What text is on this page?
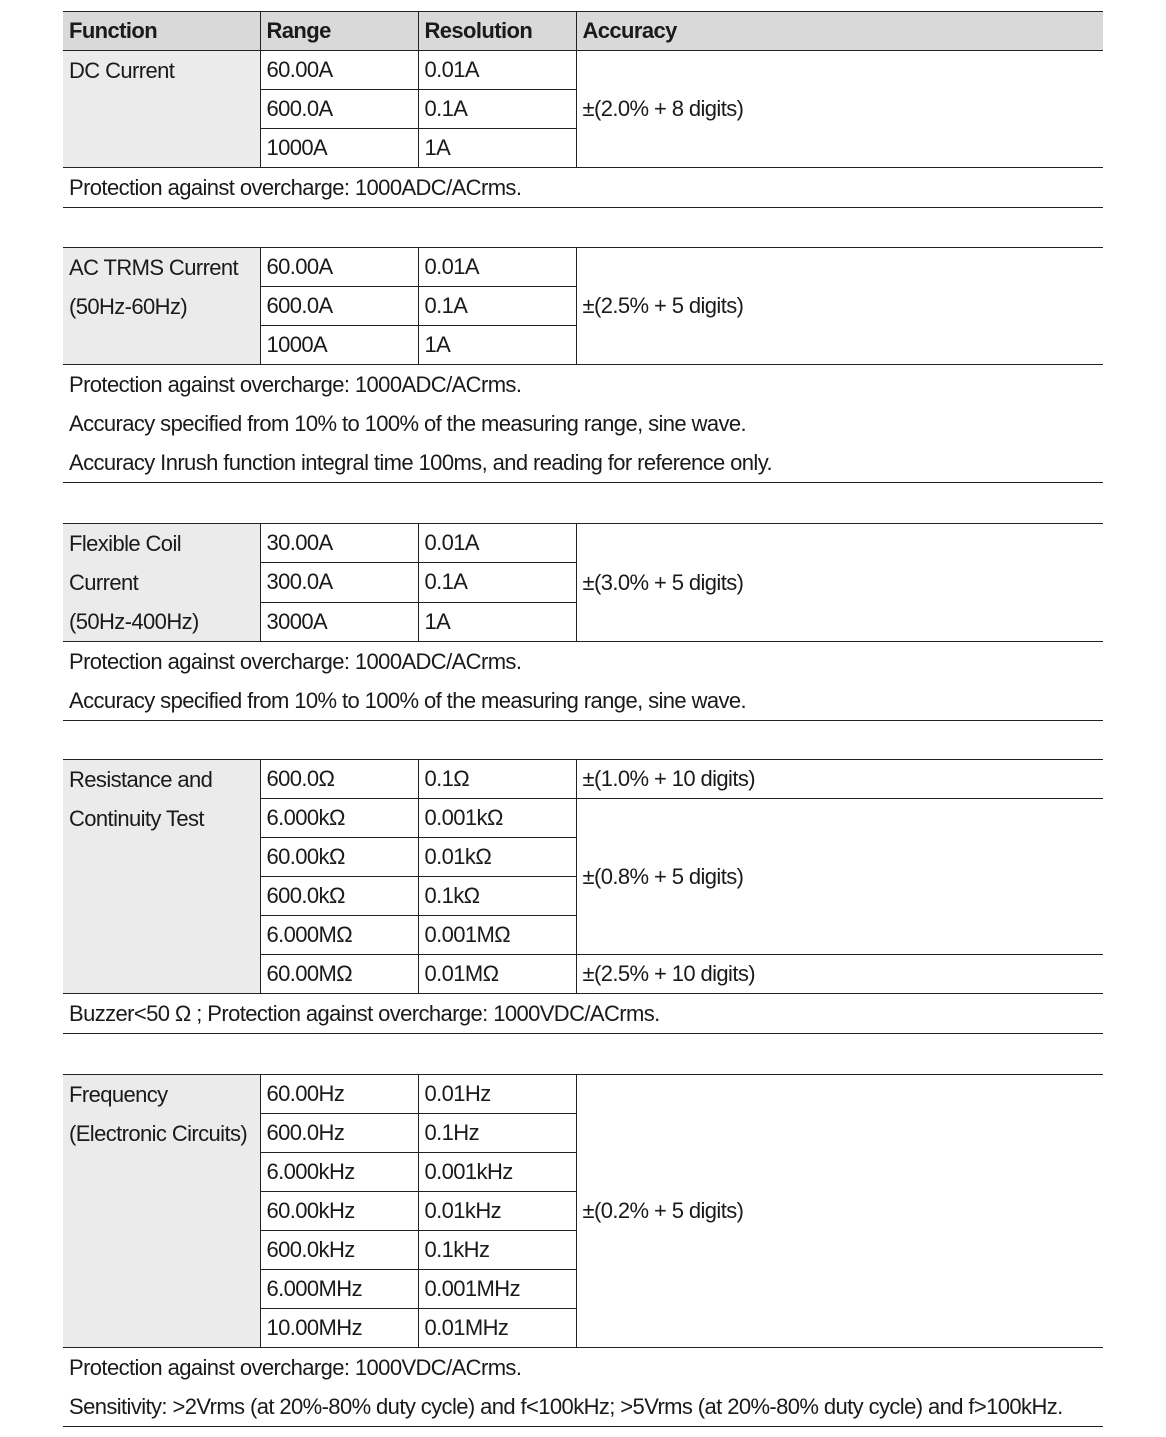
Function	Range	Resolution	Accuracy

DC Current	60.00A	0.01A	±(2.0% + 8 digits)
	600.0A	0.1A	
	1000A	1A	

Protection against overcharge: 1000ADC/ACrms.			
AC TRMS Current
(50Hz-60Hz)	60.00A	0.01A	±(2.5% + 5 digits)
	600.0A	0.1A	
	1000A	1A	

Protection against overcharge: 1000ADC/ACrms.
Accuracy specified from 10% to 100% of the measuring range, sine wave.
Accuracy Inrush function integral time 100ms, and reading for reference only.			
Flexible Coil Current
(50Hz-400Hz)	30.00A	0.01A	±(3.0% + 5 digits)
	300.0A	0.1A	
	3000A	1A	

Protection against overcharge: 1000ADC/ACrms.
Accuracy specified from 10% to 100% of the measuring range, sine wave.			
Resistance and
Continuity Test	600.0Ω	0.1Ω	±(1.0% + 10 digits)
	6.000kΩ	0.001kΩ	±(0.8% + 5 digits)
	60.00kΩ	0.01kΩ	
	600.0kΩ	0.1kΩ	
	6.000MΩ	0.001MΩ	
	60.00MΩ	0.01MΩ	±(2.5% + 10 digits)

Buzzer<50 Ω ; Protection against overcharge: 1000VDC/ACrms.			
Frequency
(Electronic Circuits)	60.00Hz	0.01Hz	±(0.2% + 5 digits)
	600.0Hz	0.1Hz	
	6.000kHz	0.001kHz	
	60.00kHz	0.01kHz	
	600.0kHz	0.1kHz	
	6.000MHz	0.001MHz	
	10.00MHz	0.01MHz	

Protection against overcharge: 1000VDC/ACrms.
Sensitivity: >2Vrms (at 20%-80% duty cycle) and f<100kHz; >5Vrms (at 20%-80% duty cycle) and f>100kHz.			
